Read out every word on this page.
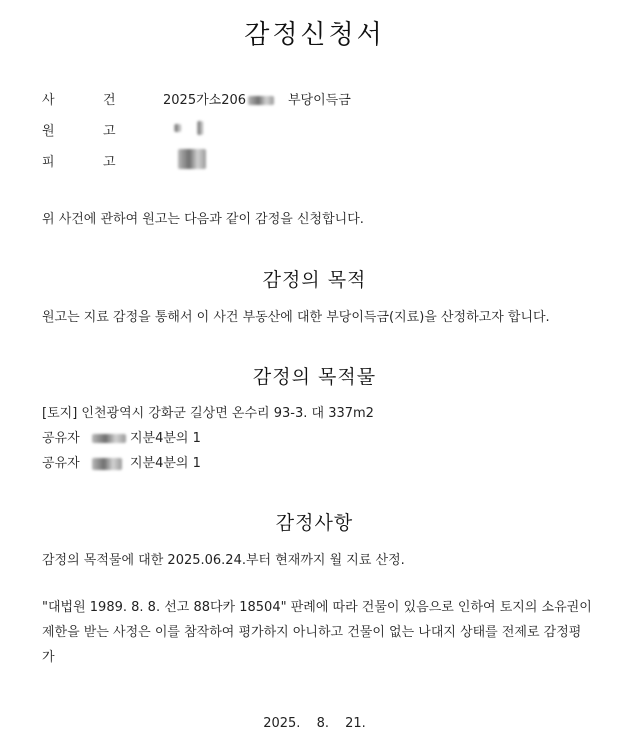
감정신청서
사	건	2025가소206	부당이득금
원	고

피	고
위 사건에 관하여 원고는 다음과 같이 감정을 신청합니다.
감정의 목적
원고는 지료 감정을 통해서 이 사건 부동산에 대한 부당이득금(지료)을 산정하고자 합니다.
감정의 목적물
[토지] 인천광역시 강화군 길상면 온수리 93-3. 대 337m2
공유자	지분4분의 1
공유자	지분4분의 1
감정사항
감정의 목적물에 대한 2025.06.24.부터 현재까지 월 지료 산정.
"대법원 1989. 8. 8. 선고 88다카 18504" 판례에 따라 건물이 있음으로 인하여 토지의 소유권이 제한을 받는 사정은 이를 참작하여 평가하지 아니하고 건물이 없는 나대지 상태를 전제로 감정평가
2025. 8. 21.
